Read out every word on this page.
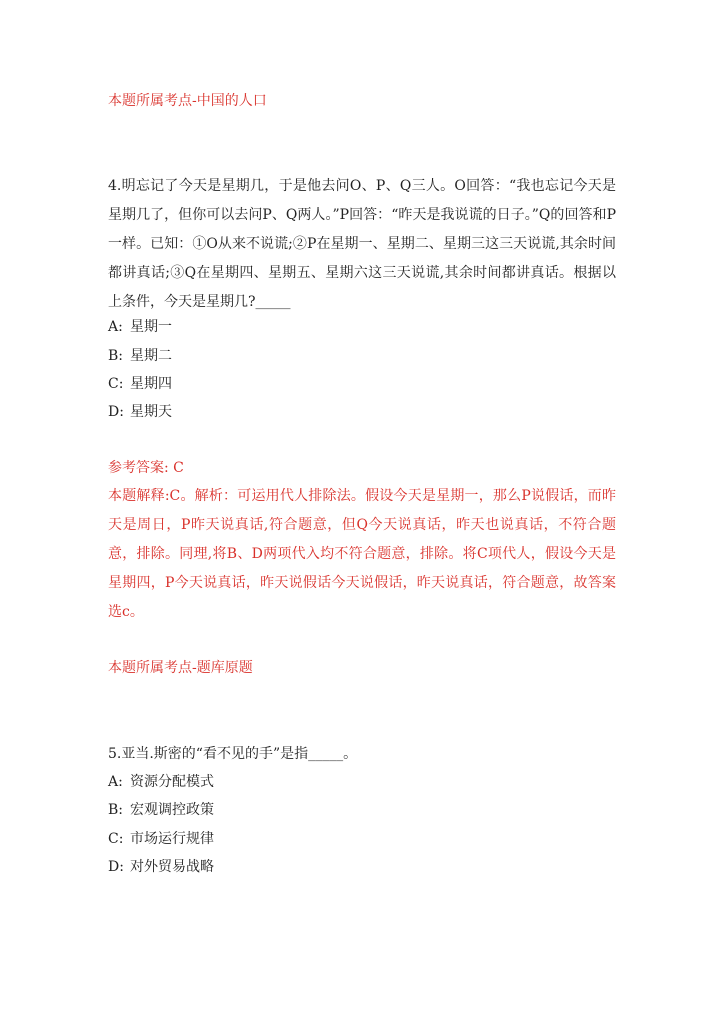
本题所属考点-中国的人口
4.明忘记了今天是星期几，于是他去问O、P、Q三人。O回答：“我也忘记今天是星期几了，但你可以去问P、Q两人。”P回答：“昨天是我说谎的日子。”Q的回答和P一样。已知：①O从来不说谎;②P在星期一、星期二、星期三这三天说谎,其余时间都讲真话;③Q在星期四、星期五、星期六这三天说谎,其余时间都讲真话。根据以上条件，今天是星期几?_____
A: 星期一
B: 星期二
C: 星期四
D: 星期天
参考答案: C
本题解释:C。解析：可运用代人排除法。假设今天是星期一，那么P说假话，而昨天是周日，P昨天说真话,符合题意，但Q今天说真话，昨天也说真话，不符合题意，排除。同理,将B、D两项代入均不符合题意，排除。将C项代人，假设今天是星期四，P今天说真话，昨天说假话今天说假话，昨天说真话，符合题意，故答案选c。
本题所属考点-题库原题
5.亚当.斯密的“看不见的手”是指_____。
A: 资源分配模式
B: 宏观调控政策
C: 市场运行规律
D: 对外贸易战略
